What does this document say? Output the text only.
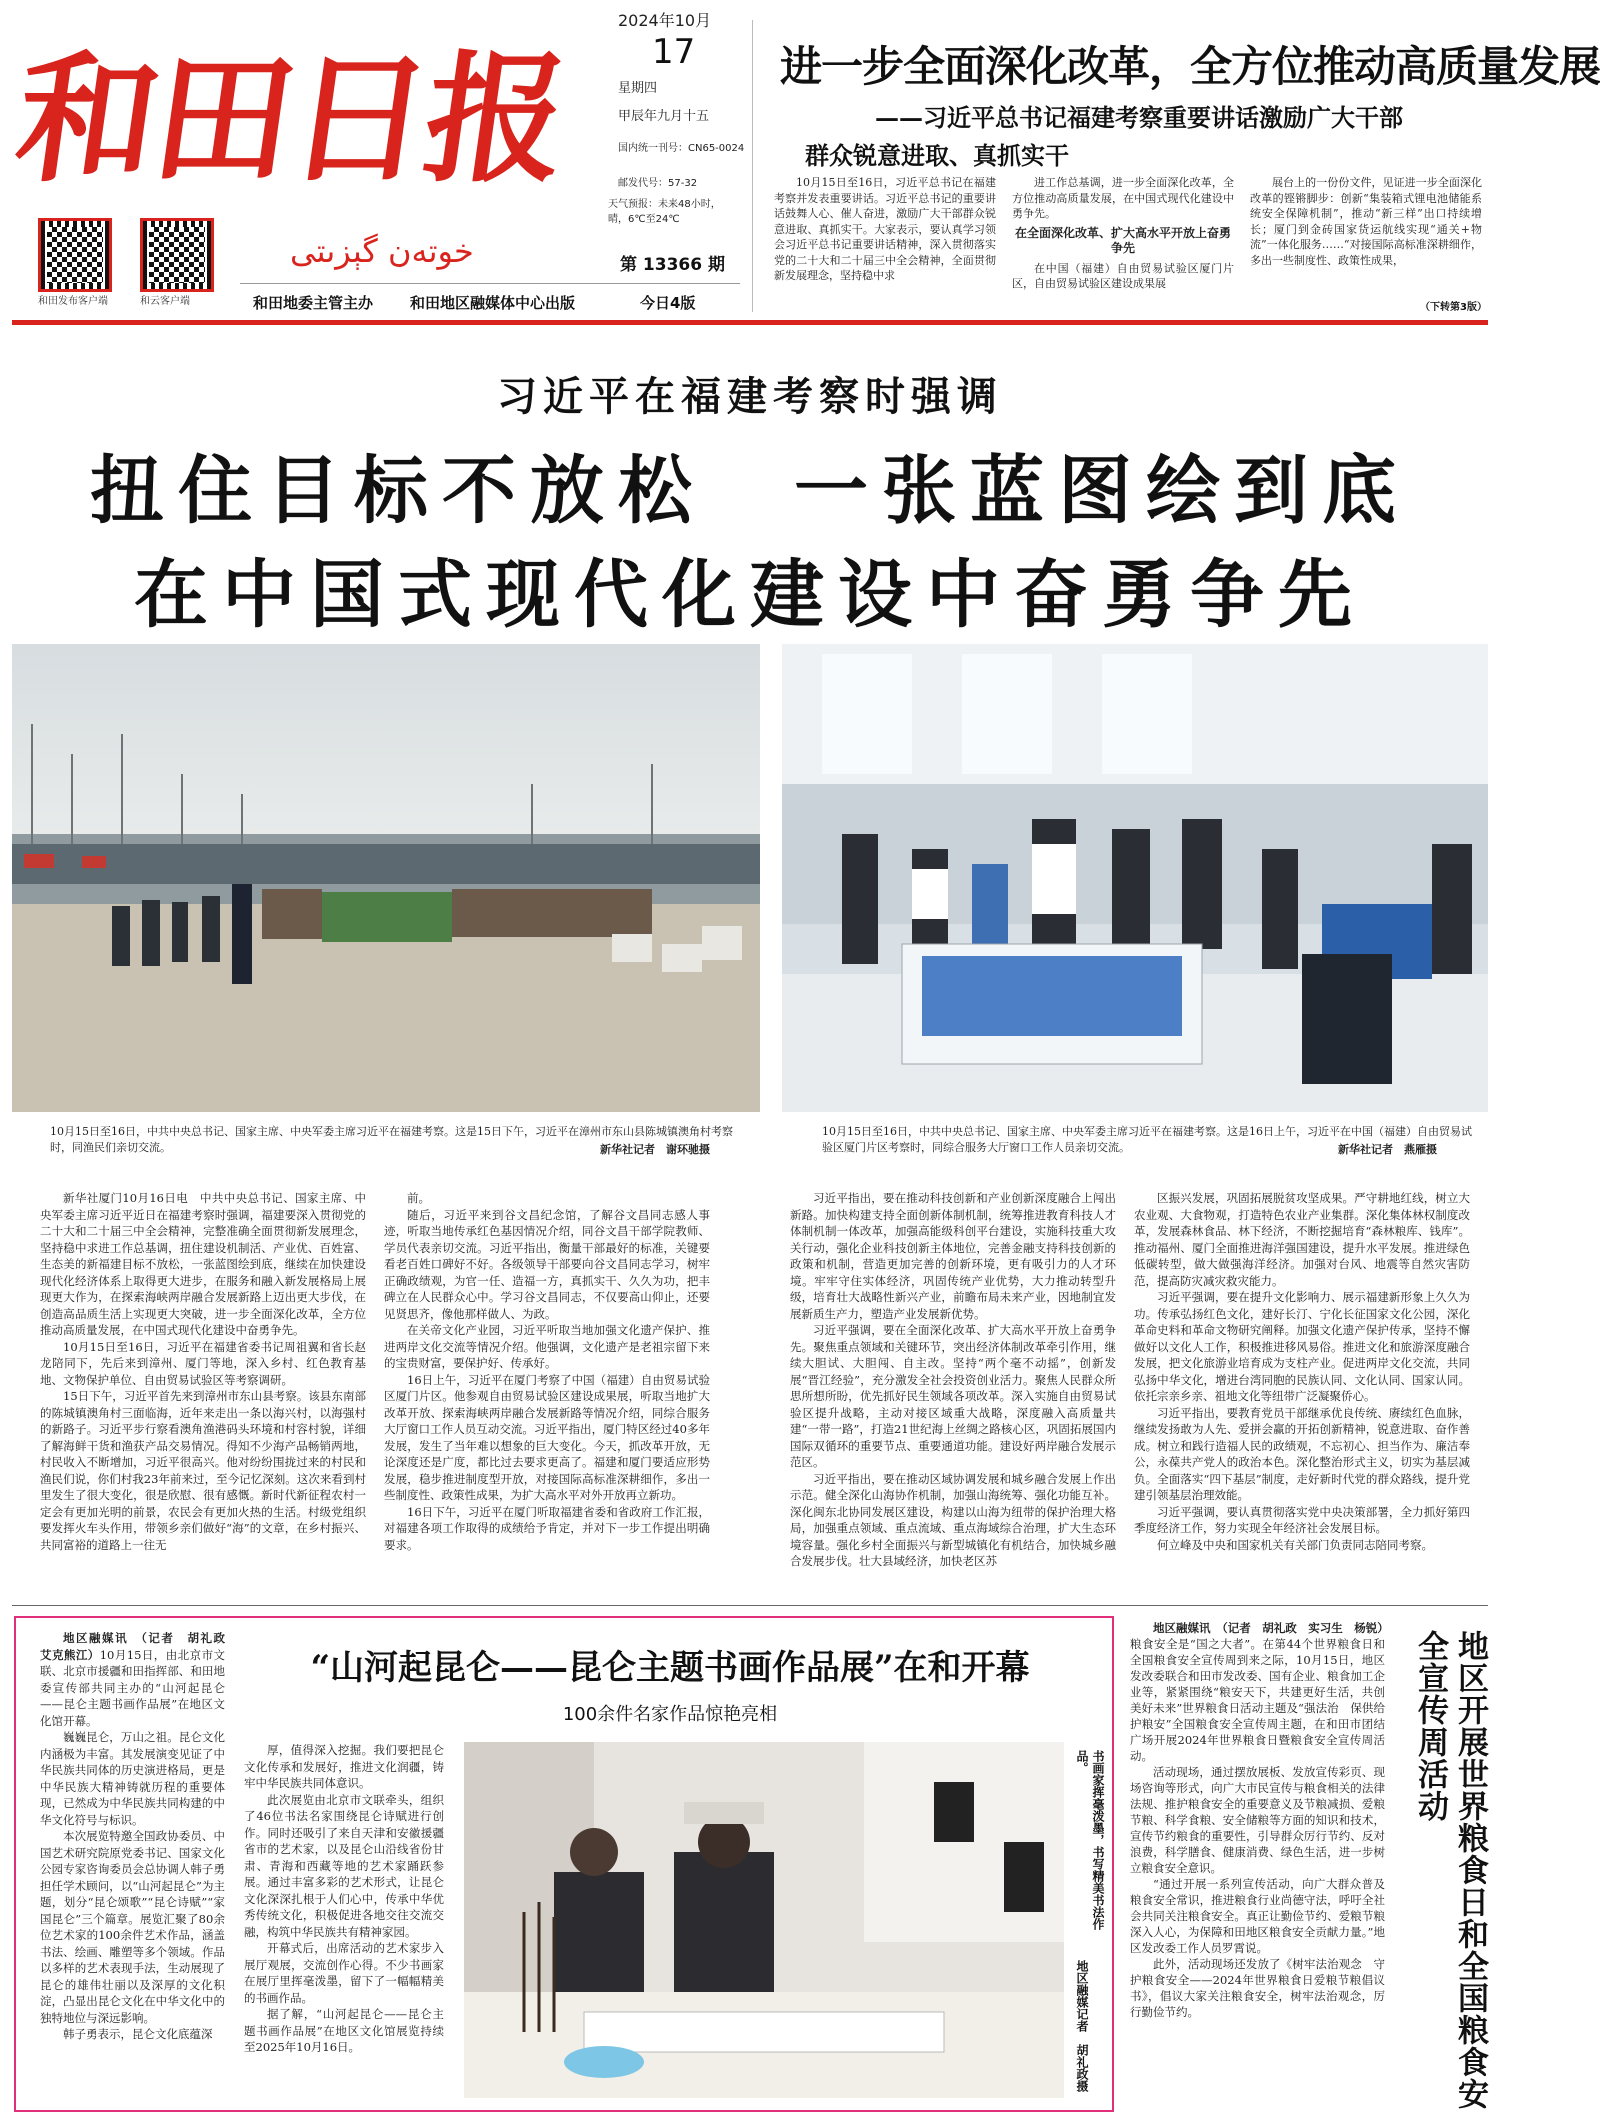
和田日报
خوتەن گېزىتى
和田发布客户端	和云客户端
2024年10月
17
星期四
甲辰年九月十五
国内统一刊号：CN65-0024
邮发代号：57-32
天气预报：未来48小时，晴，6℃至24℃
第 13366 期
和田地委主管主办 和田地区融媒体中心出版	今日4版
进一步全面深化改革，全方位推动高质量发展
——习近平总书记福建考察重要讲话激励广大干部
群众锐意进取、真抓实干

10月15日至16日，习近平总书记在福建考察并发表重要讲话。习近平总书记的重要讲话鼓舞人心、催人奋进，激励广大干部群众锐意进取、真抓实干。大家表示，要认真学习领会习近平总书记重要讲话精神，深入贯彻落实党的二十大和二十届三中全会精神，全面贯彻新发展理念，坚持稳中求

进工作总基调，进一步全面深化改革，全方位推动高质量发展，在中国式现代化建设中勇争先。

在全面深化改革、扩大高水平开放上奋勇争先

在中国（福建）自由贸易试验区厦门片区，自由贸易试验区建设成果展

展台上的一份份文件，见证进一步全面深化改革的铿锵脚步：创新“集装箱式锂电池储能系统安全保障机制”，推动“新三样”出口持续增长；厦门到金砖国家货运航线实现“通关+物流”一体化服务……“对接国际高标准深耕细作，多出一些制度性、政策性成果，

（下转第3版）
习近平在福建考察时强调
扭住目标不放松　一张蓝图绘到底
在中国式现代化建设中奋勇争先
10月15日至16日，中共中央总书记、国家主席、中央军委主席习近平在福建考察。这是15日下午，习近平在漳州市东山县陈城镇澳角村考察时，同渔民们亲切交流。	新华社记者　谢环驰摄
10月15日至16日，中共中央总书记、国家主席、中央军委主席习近平在福建考察。这是16日上午，习近平在中国（福建）自由贸易试验区厦门片区考察时，同综合服务大厅窗口工作人员亲切交流。	新华社记者　燕雁摄

新华社厦门10月16日电　中共中央总书记、国家主席、中央军委主席习近平近日在福建考察时强调，福建要深入贯彻党的二十大和二十届三中全会精神，完整准确全面贯彻新发展理念，坚持稳中求进工作总基调，扭住建设机制活、产业优、百姓富、生态美的新福建目标不放松，一张蓝图绘到底，继续在加快建设现代化经济体系上取得更大进步，在服务和融入新发展格局上展现更大作为，在探索海峡两岸融合发展新路上迈出更大步伐，在创造高品质生活上实现更大突破，进一步全面深化改革，全方位推动高质量发展，在中国式现代化建设中奋勇争先。

10月15日至16日，习近平在福建省委书记周祖翼和省长赵龙陪同下，先后来到漳州、厦门等地，深入乡村、红色教育基地、文物保护单位、自由贸易试验区等考察调研。

15日下午，习近平首先来到漳州市东山县考察。该县东南部的陈城镇澳角村三面临海，近年来走出一条以海兴村，以海强村的新路子。习近平步行察看澳角渔港码头环境和村容村貌，详细了解海鲜干货和渔获产品交易情况。得知不少海产品畅销两地，村民收入不断增加，习近平很高兴。他对纷纷围拢过来的村民和渔民们说，你们村我23年前来过，至今记忆深刻。这次来看到村里发生了很大变化，很是欣慰、很有感慨。新时代新征程农村一定会有更加光明的前景，农民会有更加火热的生活。村级党组织要发挥火车头作用，带领乡亲们做好“海”的文章，在乡村振兴、共同富裕的道路上一往无

前。

随后，习近平来到谷文昌纪念馆，了解谷文昌同志感人事迹，听取当地传承红色基因情况介绍，同谷文昌干部学院教师、学员代表亲切交流。习近平指出，衡量干部最好的标准，关键要看老百姓口碑好不好。各级领导干部要向谷文昌同志学习，树牢正确政绩观，为官一任、造福一方，真抓实干、久久为功，把丰碑立在人民群众心中。学习谷文昌同志，不仅要高山仰止，还要见贤思齐，像他那样做人、为政。

在关帝文化产业园，习近平听取当地加强文化遗产保护、推进两岸文化交流等情况介绍。他强调，文化遗产是老祖宗留下来的宝贵财富，要保护好、传承好。

16日上午，习近平在厦门考察了中国（福建）自由贸易试验区厦门片区。他参观自由贸易试验区建设成果展，听取当地扩大改革开放、探索海峡两岸融合发展新路等情况介绍，同综合服务大厅窗口工作人员互动交流。习近平指出，厦门特区经过40多年发展，发生了当年难以想象的巨大变化。今天，抓改革开放，无论深度还是广度，都比过去要求更高了。福建和厦门要适应形势发展，稳步推进制度型开放，对接国际高标准深耕细作，多出一些制度性、政策性成果，为扩大高水平对外开放再立新功。

16日下午，习近平在厦门听取福建省委和省政府工作汇报，对福建各项工作取得的成绩给予肯定，并对下一步工作提出明确要求。

习近平指出，要在推动科技创新和产业创新深度融合上闯出新路。加快构建支持全面创新体制机制，统筹推进教育科技人才体制机制一体改革，加强高能级科创平台建设，实施科技重大攻关行动，强化企业科技创新主体地位，完善金融支持科技创新的政策和机制，营造更加完善的创新环境，更有吸引力的人才环境。牢牢守住实体经济，巩固传统产业优势，大力推动转型升级，培育壮大战略性新兴产业，前瞻布局未来产业，因地制宜发展新质生产力，塑造产业发展新优势。

习近平强调，要在全面深化改革、扩大高水平开放上奋勇争先。聚焦重点领域和关键环节，突出经济体制改革牵引作用，继续大胆试、大胆闯、自主改。坚持“两个毫不动摇”，创新发展“晋江经验”，充分激发全社会投资创业活力。聚焦人民群众所思所想所盼，优先抓好民生领域各项改革。深入实施自由贸易试验区提升战略，主动对接区域重大战略，深度融入高质量共建“一带一路”，打造21世纪海上丝绸之路核心区，巩固拓展国内国际双循环的重要节点、重要通道功能。建设好两岸融合发展示范区。

习近平指出，要在推动区域协调发展和城乡融合发展上作出示范。健全深化山海协作机制，加强山海统筹、强化功能互补。深化闽东北协同发展区建设，构建以山海为纽带的保护治理大格局，加强重点领域、重点流域、重点海域综合治理，扩大生态环境容量。强化乡村全面振兴与新型城镇化有机结合，加快城乡融合发展步伐。壮大县域经济，加快老区苏

区振兴发展，巩固拓展脱贫攻坚成果。严守耕地红线，树立大农业观、大食物观，打造特色农业产业集群。深化集体林权制度改革，发展森林食品、林下经济，不断挖掘培育“森林粮库、钱库”。推动福州、厦门全面推进海洋强国建设，提升水平发展。推进绿色低碳转型，做大做强海洋经济。加强对台风、地震等自然灾害防范，提高防灾减灾救灾能力。

习近平强调，要在提升文化影响力、展示福建新形象上久久为功。传承弘扬红色文化，建好长汀、宁化长征国家文化公园，深化革命史料和革命文物研究阐释。加强文化遗产保护传承，坚持不懈做好以文化人工作，积极推进移风易俗。推进文化和旅游深度融合发展，把文化旅游业培育成为支柱产业。促进两岸文化交流，共同弘扬中华文化，增进台湾同胞的民族认同、文化认同、国家认同。依托宗亲乡亲、祖地文化等纽带广泛凝聚侨心。

习近平指出，要教育党员干部继承优良传统、赓续红色血脉，继续发扬敢为人先、爱拼会赢的开拓创新精神，锐意进取、奋作善成。树立和践行造福人民的政绩观，不忘初心、担当作为、廉洁奉公，永葆共产党人的政治本色。深化整治形式主义，切实为基层减负。全面落实“四下基层”制度，走好新时代党的群众路线，提升党建引领基层治理效能。

习近平强调，要认真贯彻落实党中央决策部署，全力抓好第四季度经济工作，努力实现全年经济社会发展目标。

何立峰及中央和国家机关有关部门负责同志陪同考察。

地区融媒讯　（记者　胡礼政　艾克熊江）10月15日，由北京市文联、北京市援疆和田指挥部、和田地委宣传部共同主办的“山河起昆仑——昆仑主题书画作品展”在地区文化馆开幕。

巍巍昆仑，万山之祖。昆仑文化内涵极为丰富。其发展演变见证了中华民族共同体的历史演进格局，更是中华民族大精神铸就历程的重要体现，已然成为中华民族共同构建的中华文化符号与标识。

本次展览特邀全国政协委员、中国艺术研究院原党委书记、国家文化公园专家咨询委员会总协调人韩子勇担任学术顾问，以“山河起昆仑”为主题，划分“昆仑颂歌”“昆仑诗赋”“家国昆仑”三个篇章。展览汇聚了80余位艺术家的100余件艺术作品，涵盖书法、绘画、雕塑等多个领域。作品以多样的艺术表现手法，生动展现了昆仑的雄伟壮丽以及深厚的文化积淀，凸显出昆仑文化在中华文化中的独特地位与深远影响。

韩子勇表示，昆仑文化底蕴深

“山河起昆仑——昆仑主题书画作品展”在和开幕
100余件名家作品惊艳亮相

厚，值得深入挖掘。我们要把昆仑文化传承和发展好，推进文化润疆，铸牢中华民族共同体意识。

此次展览由北京市文联牵头，组织了46位书法名家围绕昆仑诗赋进行创作。同时还吸引了来自天津和安徽援疆省市的艺术家，以及昆仑山沿线省份甘肃、青海和西藏等地的艺术家踊跃参展。通过丰富多彩的艺术形式，让昆仑文化深深扎根于人们心中，传承中华优秀传统文化，积极促进各地交往交流交融，构筑中华民族共有精神家园。

开幕式后，出席活动的艺术家步入展厅观展，交流创作心得。不少书画家在展厅里挥毫泼墨，留下了一幅幅精美的书画作品。

据了解，“山河起昆仑——昆仑主题书画作品展”在地区文化馆展览持续至2025年10月16日。

书画家挥毫泼墨，书写精美书法作品。
地区融媒记者　胡礼政摄

地区融媒讯　（记者　胡礼政　实习生　杨锐）粮食安全是“国之大者”。在第44个世界粮食日和全国粮食安全宣传周到来之际，10月15日，地区发改委联合和田市发改委、国有企业、粮食加工企业等，紧紧围绕“粮安天下，共建更好生活，共创美好未来”世界粮食日活动主题及“强法治　保供给　护粮安”全国粮食安全宣传周主题，在和田市团结广场开展2024年世界粮食日暨粮食安全宣传周活动。

活动现场，通过摆放展板、发放宣传彩页、现场咨询等形式，向广大市民宣传与粮食相关的法律法规、推护粮食安全的重要意义及节粮减损、爱粮节粮、科学食粮、安全储粮等方面的知识和技术，宣传节约粮食的重要性，引导群众厉行节约、反对浪费，科学膳食、健康消费、绿色生活，进一步树立粮食安全意识。

“通过开展一系列宣传活动，向广大群众普及粮食安全常识，推进粮食行业尚德守法，呼吁全社会共同关注粮食安全。真正让勤俭节约、爱粮节粮深入人心，为保障和田地区粮食安全贡献力量。”地区发改委工作人员罗霄说。

此外，活动现场还发放了《树牢法治观念　守护粮食安全——2024年世界粮食日爱粮节粮倡议书》，倡议大家关注粮食安全，树牢法治观念，厉行勤俭节约。	地区开展世界粮食日和全国粮食安全宣传周活动
